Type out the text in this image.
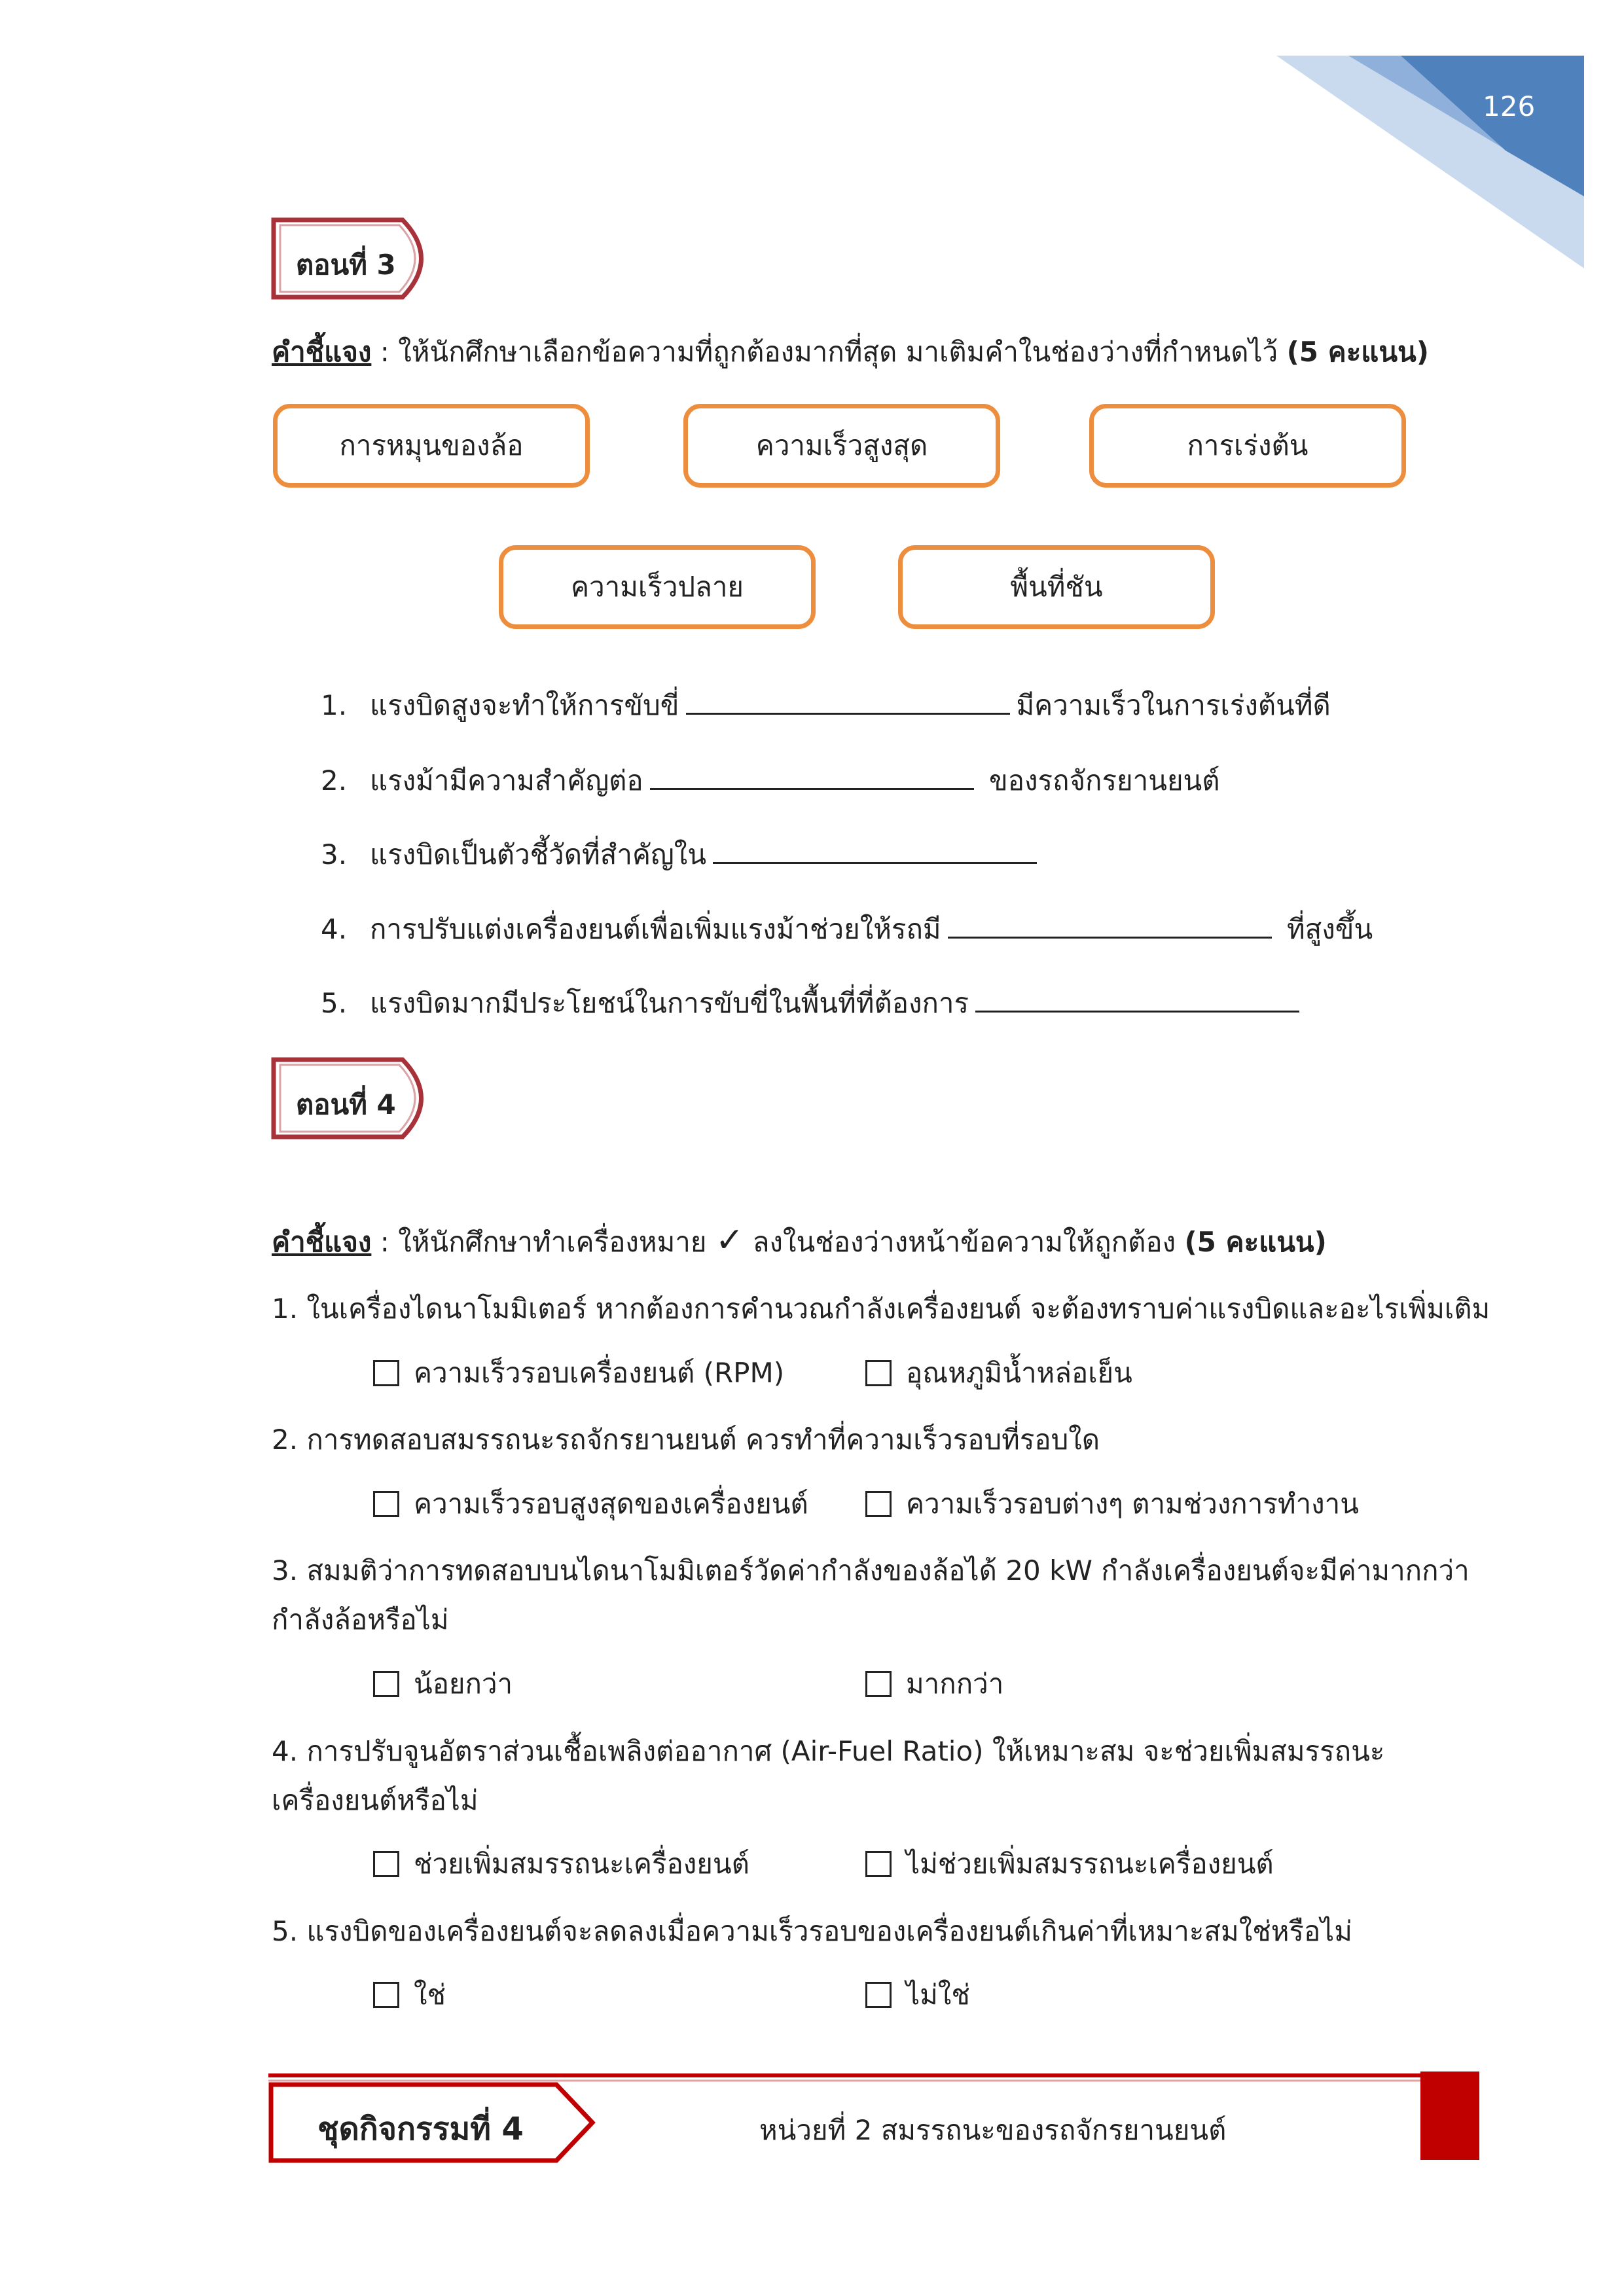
126
ตอนที่ 3
คำชี้แจง : ให้นักศึกษาเลือกข้อความที่ถูกต้องมากที่สุด มาเติมคำในช่องว่างที่กำหนดไว้ (5 คะแนน)
การหมุนของล้อ	ความเร็วสูงสุด	การเร่งต้น
ความเร็วปลาย	พื้นที่ชัน
1. แรงบิดสูงจะทำให้การขับขี่	มีความเร็วในการเร่งต้นที่ดี
2. แรงม้ามีความสำคัญต่อ	ของรถจักรยานยนต์
3. แรงบิดเป็นตัวชี้วัดที่สำคัญใน
4. การปรับแต่งเครื่องยนต์เพื่อเพิ่มแรงม้าช่วยให้รถมี	ที่สูงขึ้น
5. แรงบิดมากมีประโยชน์ในการขับขี่ในพื้นที่ที่ต้องการ
ตอนที่ 4
คำชี้แจง : ให้นักศึกษาทำเครื่องหมาย ✓ ลงในช่องว่างหน้าข้อความให้ถูกต้อง (5 คะแนน)
1. ในเครื่องไดนาโมมิเตอร์ หากต้องการคำนวณกำลังเครื่องยนต์ จะต้องทราบค่าแรงบิดและอะไรเพิ่มเติม
ความเร็วรอบเครื่องยนต์ (RPM)	อุณหภูมิน้ำหล่อเย็น
2. การทดสอบสมรรถนะรถจักรยานยนต์ ควรทำที่ความเร็วรอบที่รอบใด
ความเร็วรอบสูงสุดของเครื่องยนต์	ความเร็วรอบต่างๆ ตามช่วงการทำงาน
3. สมมติว่าการทดสอบบนไดนาโมมิเตอร์วัดค่ากำลังของล้อได้ 20 kW กำลังเครื่องยนต์จะมีค่ามากกว่า
กำลังล้อหรือไม่
น้อยกว่า	มากกว่า
4. การปรับจูนอัตราส่วนเชื้อเพลิงต่ออากาศ (Air-Fuel Ratio) ให้เหมาะสม จะช่วยเพิ่มสมรรถนะ
เครื่องยนต์หรือไม่
ช่วยเพิ่มสมรรถนะเครื่องยนต์	ไม่ช่วยเพิ่มสมรรถนะเครื่องยนต์
5. แรงบิดของเครื่องยนต์จะลดลงเมื่อความเร็วรอบของเครื่องยนต์เกินค่าที่เหมาะสมใช่หรือไม่
ใช่	ไม่ใช่
ชุดกิจกรรมที่ 4	หน่วยที่ 2 สมรรถนะของรถจักรยานยนต์
